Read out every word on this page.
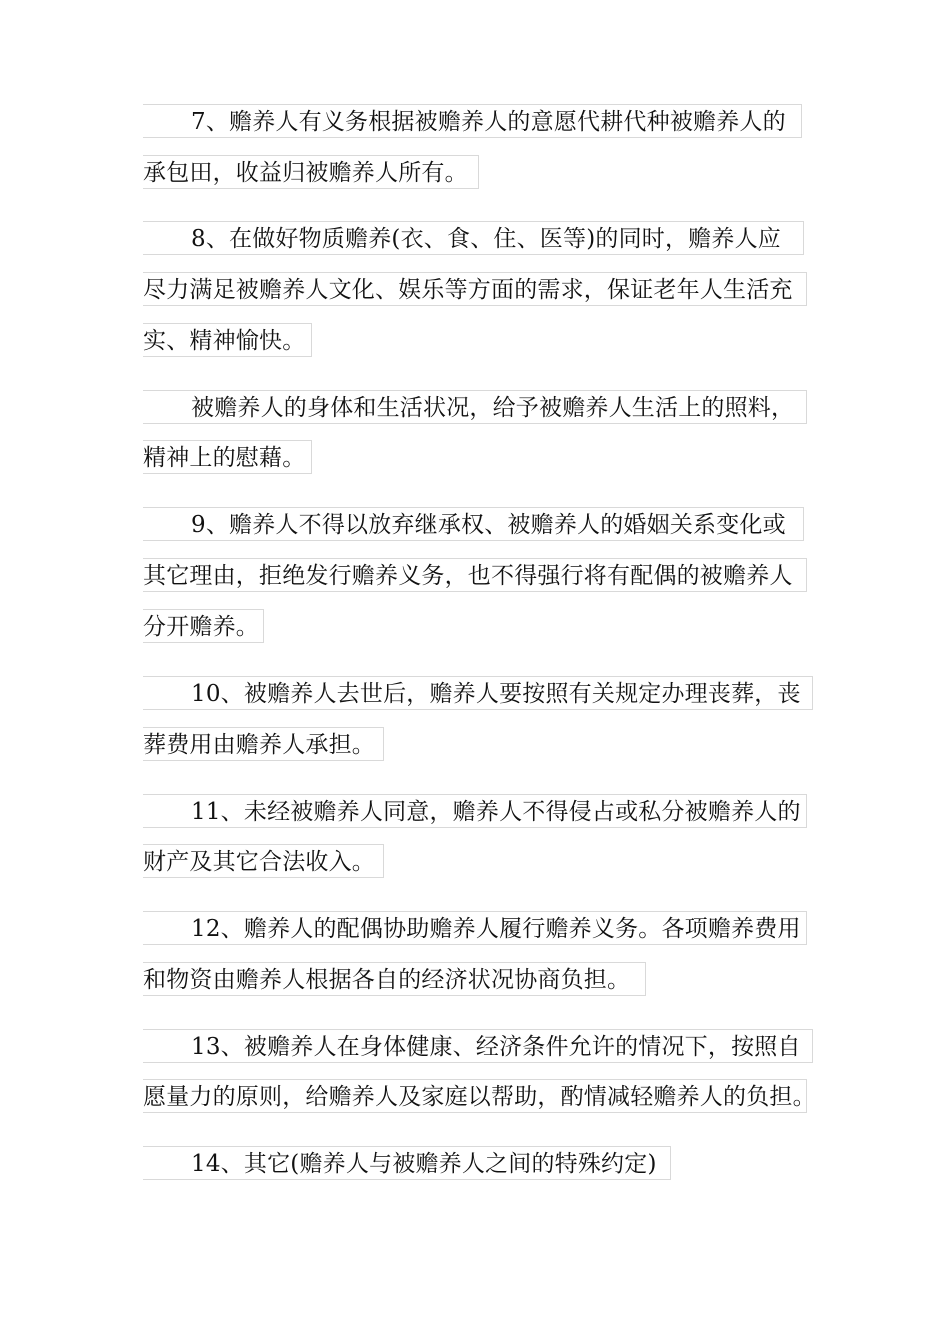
7、赡养人有义务根据被赡养人的意愿代耕代种被赡养人的
承包田，收益归被赡养人所有。
8、在做好物质赡养(衣、食、住、医等)的同时，赡养人应
尽力满足被赡养人文化、娱乐等方面的需求，保证老年人生活充
实、精神愉快。
被赡养人的身体和生活状况，给予被赡养人生活上的照料，
精神上的慰藉。
9、赡养人不得以放弃继承权、被赡养人的婚姻关系变化或
其它理由，拒绝发行赡养义务，也不得强行将有配偶的被赡养人
分开赡养。
10、被赡养人去世后，赡养人要按照有关规定办理丧葬，丧
葬费用由赡养人承担。
11、未经被赡养人同意，赡养人不得侵占或私分被赡养人的
财产及其它合法收入。
12、赡养人的配偶协助赡养人履行赡养义务。各项赡养费用
和物资由赡养人根据各自的经济状况协商负担。
13、被赡养人在身体健康、经济条件允许的情况下，按照自
愿量力的原则，给赡养人及家庭以帮助，酌情减轻赡养人的负担。
14、其它(赡养人与被赡养人之间的特殊约定)
